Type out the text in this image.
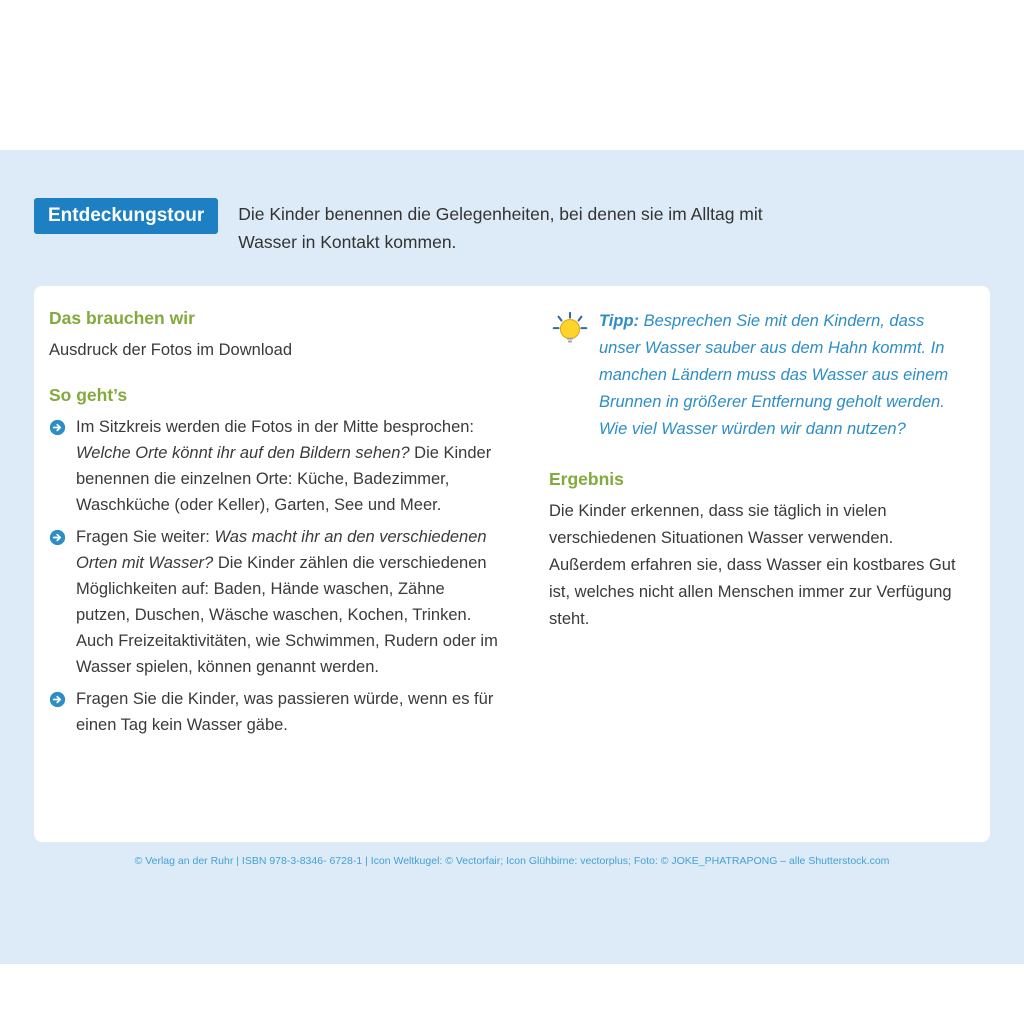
Entdeckungstour	Die Kinder benennen die Gelegenheiten, bei denen sie im Alltag mit Wasser in Kontakt kommen.
Das brauchen wir

Ausdruck der Fotos im Download

So geht’s

Im Sitzkreis werden die Fotos in der Mitte besprochen: Welche Orte könnt ihr auf den Bildern sehen? Die Kinder benennen die einzelnen Orte: Küche, Badezimmer, Waschküche (oder Keller), Garten, See und Meer.

Fragen Sie weiter: Was macht ihr an den verschiedenen Orten mit Wasser? Die Kinder zählen die verschiedenen Möglichkeiten auf: Baden, Hände waschen, Zähne putzen, Duschen, Wäsche waschen, Kochen, Trinken. Auch Freizeitaktivitäten, wie Schwimmen, Rudern oder im Wasser spielen, können genannt werden.

Fragen Sie die Kinder, was passieren würde, wenn es für einen Tag kein Wasser gäbe.

Tipp: Besprechen Sie mit den Kindern, dass unser Wasser sauber aus dem Hahn kommt. In manchen Ländern muss das Wasser aus einem Brunnen in größerer Entfernung geholt werden. Wie viel Wasser würden wir dann nutzen?

Ergebnis

Die Kinder erkennen, dass sie täglich in vielen verschiedenen Situationen Wasser verwenden. Außerdem erfahren sie, dass Wasser ein kostbares Gut ist, welches nicht allen Menschen immer zur Verfügung steht.

© Verlag an der Ruhr | ISBN 978-3-8346- 6728-1 | Icon Weltkugel: © Vectorfair; Icon Glühbirne: vectorplus; Foto: © JOKE_PHATRAPONG – alle Shutterstock.com
